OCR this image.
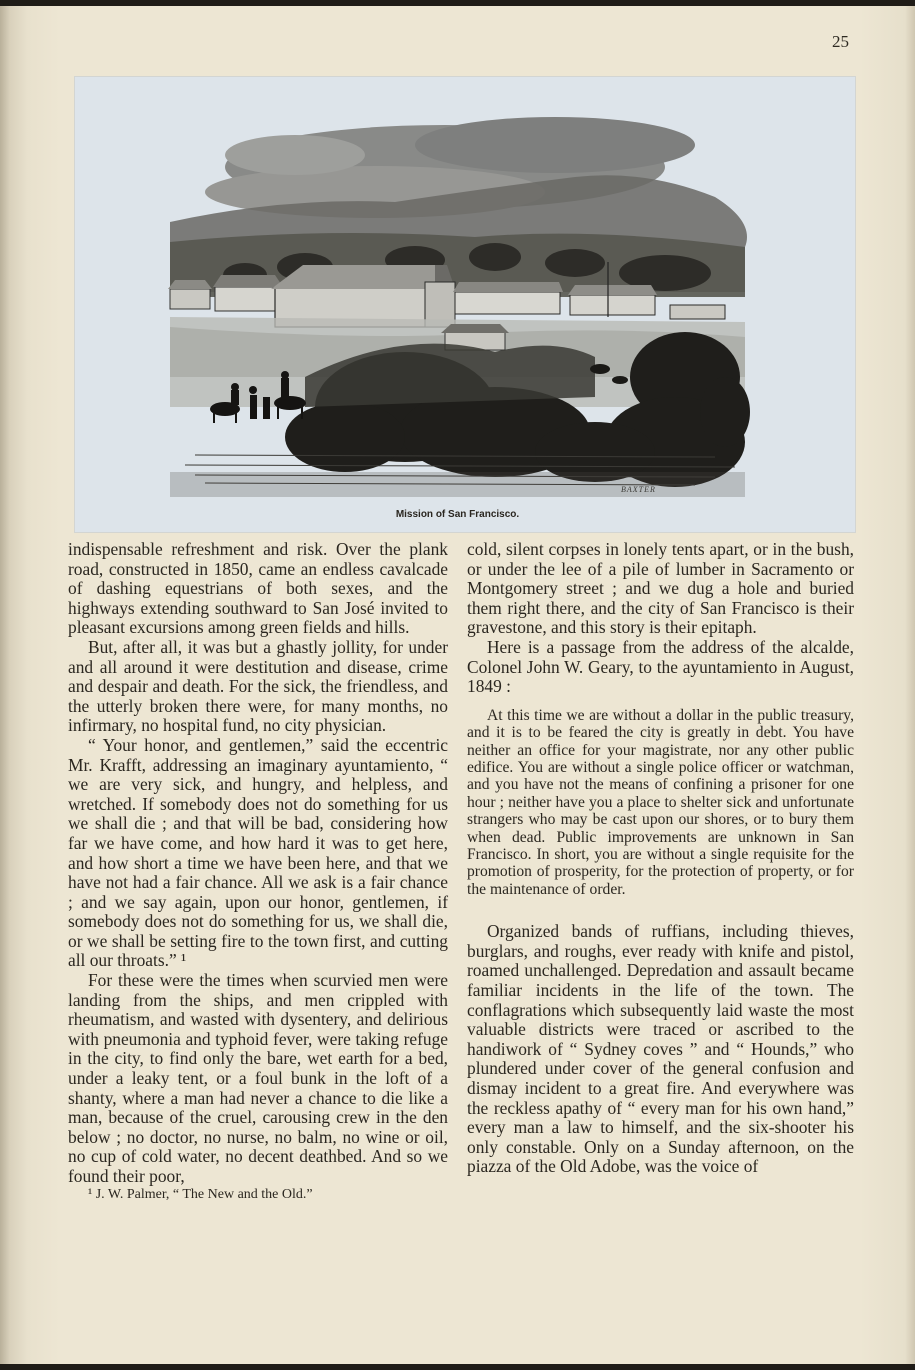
25
BAXTER
Mission of San Francisco.

indispensable refreshment and risk. Over the plank road, constructed in 1850, came an endless cavalcade of dashing equestrians of both sexes, and the highways extending southward to San José invited to pleasant excursions among green fields and hills.

But, after all, it was but a ghastly jollity, for under and all around it were destitution and disease, crime and despair and death. For the sick, the friendless, and the utterly broken there were, for many months, no infirmary, no hospital fund, no city physician.

“ Your honor, and gentlemen,” said the eccentric Mr. Krafft, addressing an imaginary ayuntamiento, “ we are very sick, and hungry, and helpless, and wretched. If somebody does not do something for us we shall die ; and that will be bad, considering how far we have come, and how hard it was to get here, and how short a time we have been here, and that we have not had a fair chance. All we ask is a fair chance ; and we say again, upon our honor, gentlemen, if somebody does not do something for us, we shall die, or we shall be setting fire to the town first, and cutting all our throats.” ¹

For these were the times when scurvied men were landing from the ships, and men crippled with rheumatism, and wasted with dysentery, and delirious with pneumonia and typhoid fever, were taking refuge in the city, to find only the bare, wet earth for a bed, under a leaky tent, or a foul bunk in the loft of a shanty, where a man had never a chance to die like a man, because of the cruel, carousing crew in the den below ; no doctor, no nurse, no balm, no wine or oil, no cup of cold water, no decent deathbed. And so we found their poor,

¹ J. W. Palmer, “ The New and the Old.”

cold, silent corpses in lonely tents apart, or in the bush, or under the lee of a pile of lumber in Sacramento or Montgomery street ; and we dug a hole and buried them right there, and the city of San Francisco is their gravestone, and this story is their epitaph.

Here is a passage from the address of the alcalde, Colonel John W. Geary, to the ayuntamiento in August, 1849 :

At this time we are without a dollar in the public treasury, and it is to be feared the city is greatly in debt. You have neither an office for your magistrate, nor any other public edifice. You are without a single police officer or watchman, and you have not the means of confining a prisoner for one hour ; neither have you a place to shelter sick and unfortunate strangers who may be cast upon our shores, or to bury them when dead. Public improvements are unknown in San Francisco. In short, you are without a single requisite for the promotion of prosperity, for the protection of property, or for the maintenance of order.

Organized bands of ruffians, including thieves, burglars, and roughs, ever ready with knife and pistol, roamed unchallenged. Depredation and assault became familiar incidents in the life of the town. The conflagrations which subsequently laid waste the most valuable districts were traced or ascribed to the handiwork of “ Sydney coves ” and “ Hounds,” who plundered under cover of the general confusion and dismay incident to a great fire. And everywhere was the reckless apathy of “ every man for his own hand,” every man a law to himself, and the six-shooter his only constable. Only on a Sunday afternoon, on the piazza of the Old Adobe, was the voice of
